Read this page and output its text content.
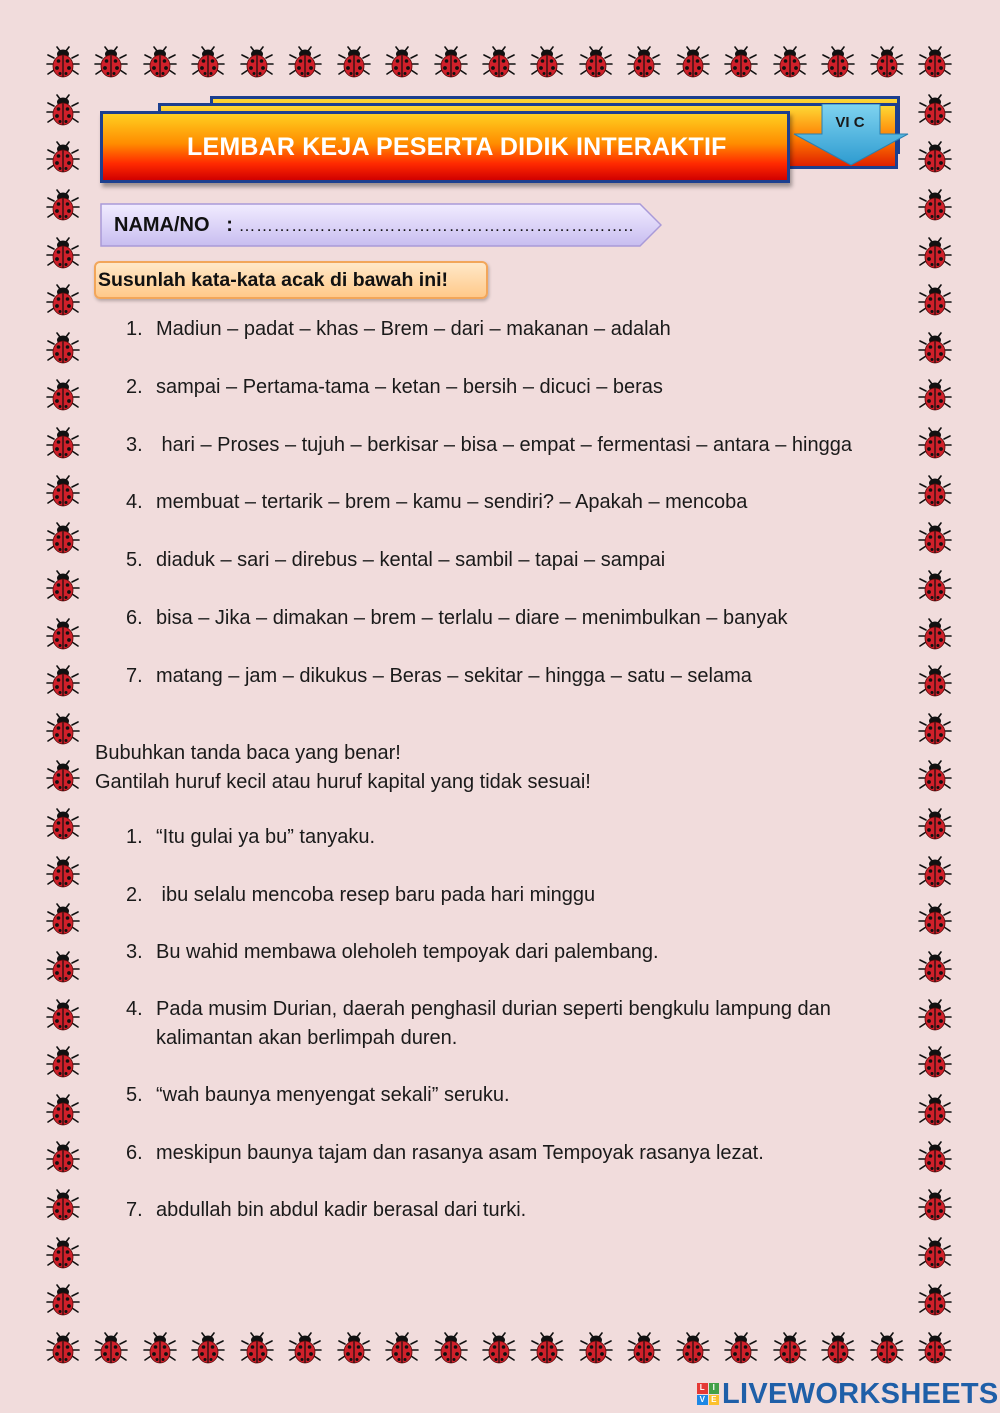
LEMBAR KEJA PESERTA DIDIK INTERAKTIF
VI C
NAMA/NO   : …………………………………………………………..
Susunlah kata-kata acak di bawah ini!
1. Madiun – padat – khas – Brem – dari – makanan – adalah
2. sampai – Pertama-tama – ketan – bersih – dicuci – beras
3. hari – Proses – tujuh – berkisar – bisa – empat – fermentasi – antara – hingga
4. membuat – tertarik – brem – kamu – sendiri? – Apakah – mencoba
5. diaduk – sari – direbus – kental – sambil – tapai – sampai
6. bisa – Jika – dimakan – brem – terlalu – diare – menimbulkan – banyak
7. matang – jam – dikukus – Beras – sekitar – hingga – satu – selama
Bubuhkan tanda baca yang benar!
Gantilah huruf kecil atau huruf kapital yang tidak sesuai!
1. “Itu gulai ya bu” tanyaku.
2. ibu selalu mencoba resep baru pada hari minggu
3. Bu wahid membawa oleholeh tempoyak dari palembang.
4. Pada musim Durian, daerah penghasil durian seperti bengkulu lampung dan
kalimantan akan berlimpah duren.
5. “wah baunya menyengat sekali” seruku.
6. meskipun baunya tajam dan rasanya asam Tempoyak rasanya lezat.
7. abdullah bin abdul kadir berasal dari turki.
L I
V E LIVEWORKSHEETS
